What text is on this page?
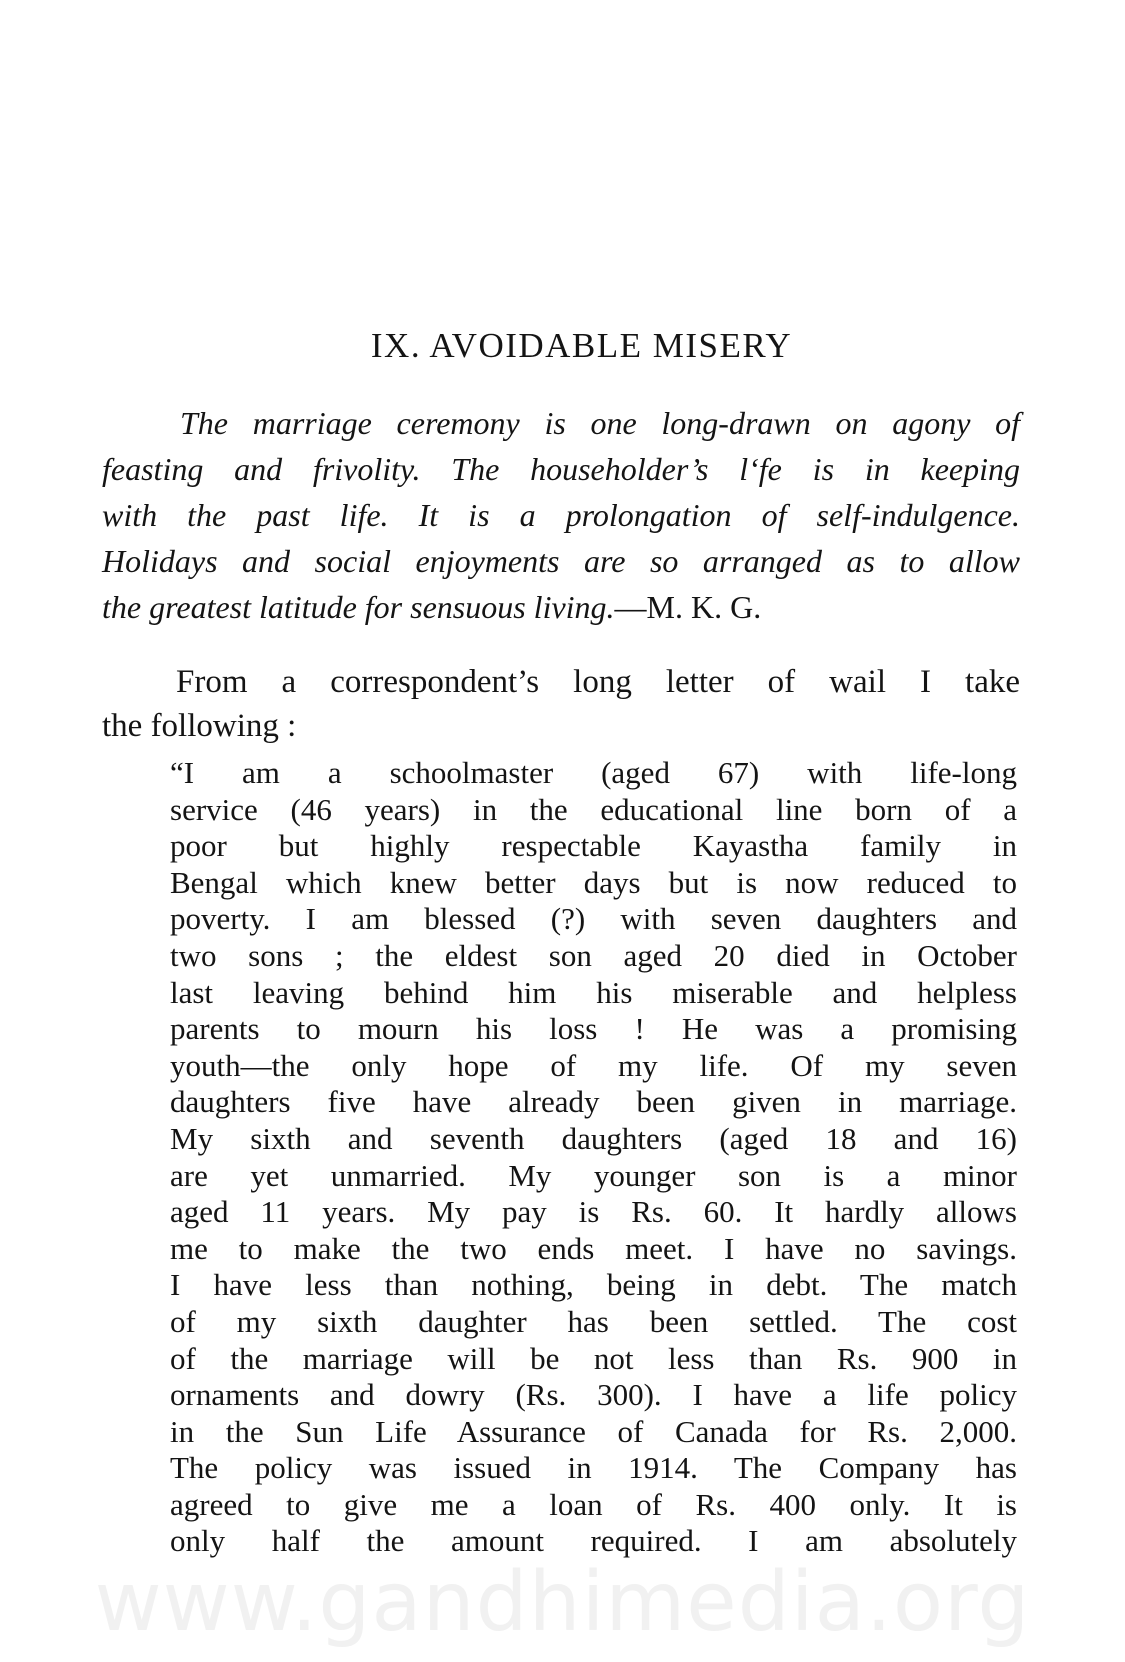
IX. AVOIDABLE MISERY
The marriage ceremony is one long-drawn on agony of
feasting and frivolity. The householder’s l‘fe is in keeping
with the past life. It is a prolongation of self-indulgence.
Holidays and social enjoyments are so arranged as to allow
the greatest latitude for sensuous living.—M. K. G.
From a correspondent’s long letter of wail I take
the following :
“I am a schoolmaster (aged 67) with life-long
service (46 years) in the educational line born of a
poor but highly respectable Kayastha family in
Bengal which knew better days but is now reduced to
poverty. I am blessed (?) with seven daughters and
two sons ; the eldest son aged 20 died in October
last leaving behind him his miserable and helpless
parents to mourn his loss ! He was a promising
youth—the only hope of my life. Of my seven
daughters five have already been given in marriage.
My sixth and seventh daughters (aged 18 and 16)
are yet unmarried. My younger son is a minor
aged 11 years. My pay is Rs. 60. It hardly allows
me to make the two ends meet. I have no savings.
I have less than nothing, being in debt. The match
of my sixth daughter has been settled. The cost
of the marriage will be not less than Rs. 900 in
ornaments and dowry (Rs. 300). I have a life policy
in the Sun Life Assurance of Canada for Rs. 2,000.
The policy was issued in 1914. The Company has
agreed to give me a loan of Rs. 400 only. It is
only half the amount required. I am absolutely
www.gandhimedia.org
